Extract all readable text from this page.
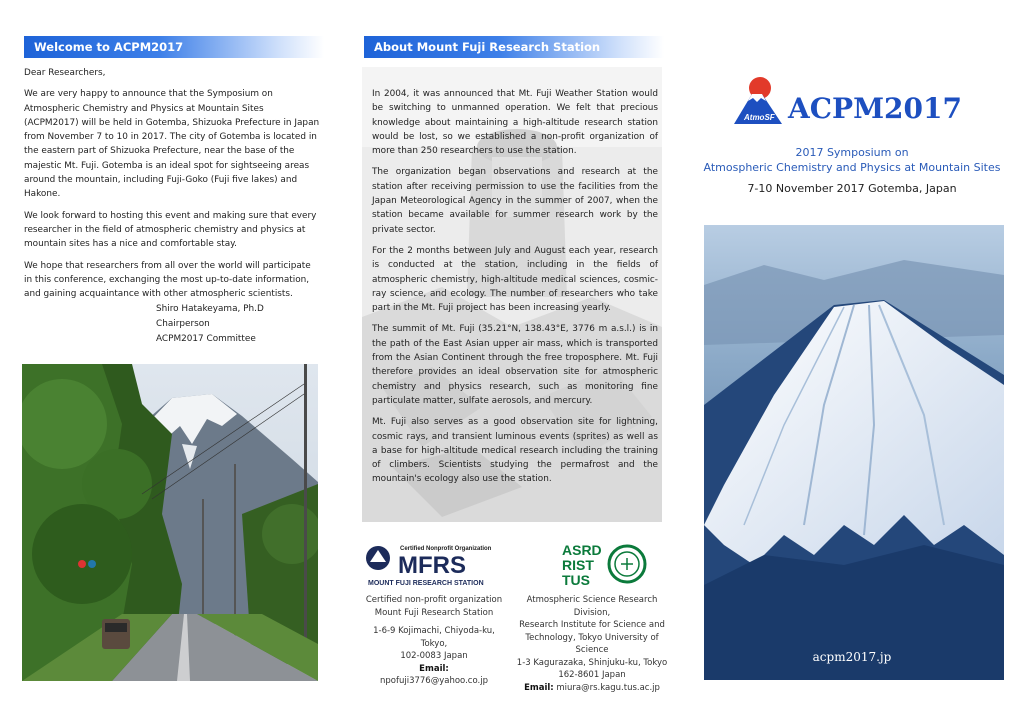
Welcome to ACPM2017

Dear Researchers,

We are very happy to announce that the Symposium on Atmospheric Chemistry and Physics at Mountain Sites (ACPM2017) will be held in Gotemba, Shizuoka Prefecture in Japan from November 7 to 10 in 2017. The city of Gotemba is located in the eastern part of Shizuoka Prefecture, near the base of the majestic Mt. Fuji. Gotemba is an ideal spot for sightseeing areas around the mountain, including Fuji-Goko (Fuji five lakes) and Hakone.

We look forward to hosting this event and making sure that every researcher in the field of atmospheric chemistry and physics at mountain sites has a nice and comfortable stay.

We hope that researchers from all over the world will participate in this conference, exchanging the most up-to-date information, and gaining acquaintance with other atmospheric scientists.

Shiro Hatakeyama, Ph.D
Chairperson
ACPM2017 Committee
About Mount Fuji Research Station

In 2004, it was announced that Mt. Fuji Weather Station would be switching to unmanned operation. We felt that precious knowledge about maintaining a high-altitude research station would be lost, so we established a non-profit organization of more than 250 researchers to use the station.

The organization began observations and research at the station after receiving permission to use the facilities from the Japan Meteorological Agency in the summer of 2007, when the station became available for summer research work by the private sector.

For the 2 months between July and August each year, research is conducted at the station, including in the fields of atmospheric chemistry, high-altitude medical sciences, cosmic-ray science, and ecology. The number of researchers who take part in the Mt. Fuji project has been increasing yearly.

The summit of Mt. Fuji (35.21°N, 138.43°E, 3776 m a.s.l.) is in the path of the East Asian upper air mass, which is transported from the Asian Continent through the free troposphere. Mt. Fuji therefore provides an ideal observation site for atmospheric chemistry and physics research, such as monitoring fine particulate matter, sulfate aerosols, and mercury.

Mt. Fuji also serves as a good observation site for lightning, cosmic rays, and transient luminous events (sprites) as well as a base for high-altitude medical research including the training of climbers. Scientists studying the permafrost and the mountain's ecology also use the station.

Certified Nonprofit Organization
MFRS
MOUNT FUJI RESEARCH STATION
Certified non-profit organization
Mount Fuji Research Station
1-6-9 Kojimachi, Chiyoda-ku, Tokyo,
102-0083 Japan
Email: npofuji3776@yahoo.co.jp
ASRD
RIST
TUS
Atmospheric Science Research Division,
Research Institute for Science and
Technology, Tokyo University of Science
1-3 Kagurazaka, Shinjuku-ku, Tokyo
162-8601 Japan
Email: miura@rs.kagu.tus.ac.jp
AtmoSF ACPM2017
2017 Symposium on
Atmospheric Chemistry and Physics at Mountain Sites
7-10 November 2017 Gotemba, Japan
acpm2017.jp
